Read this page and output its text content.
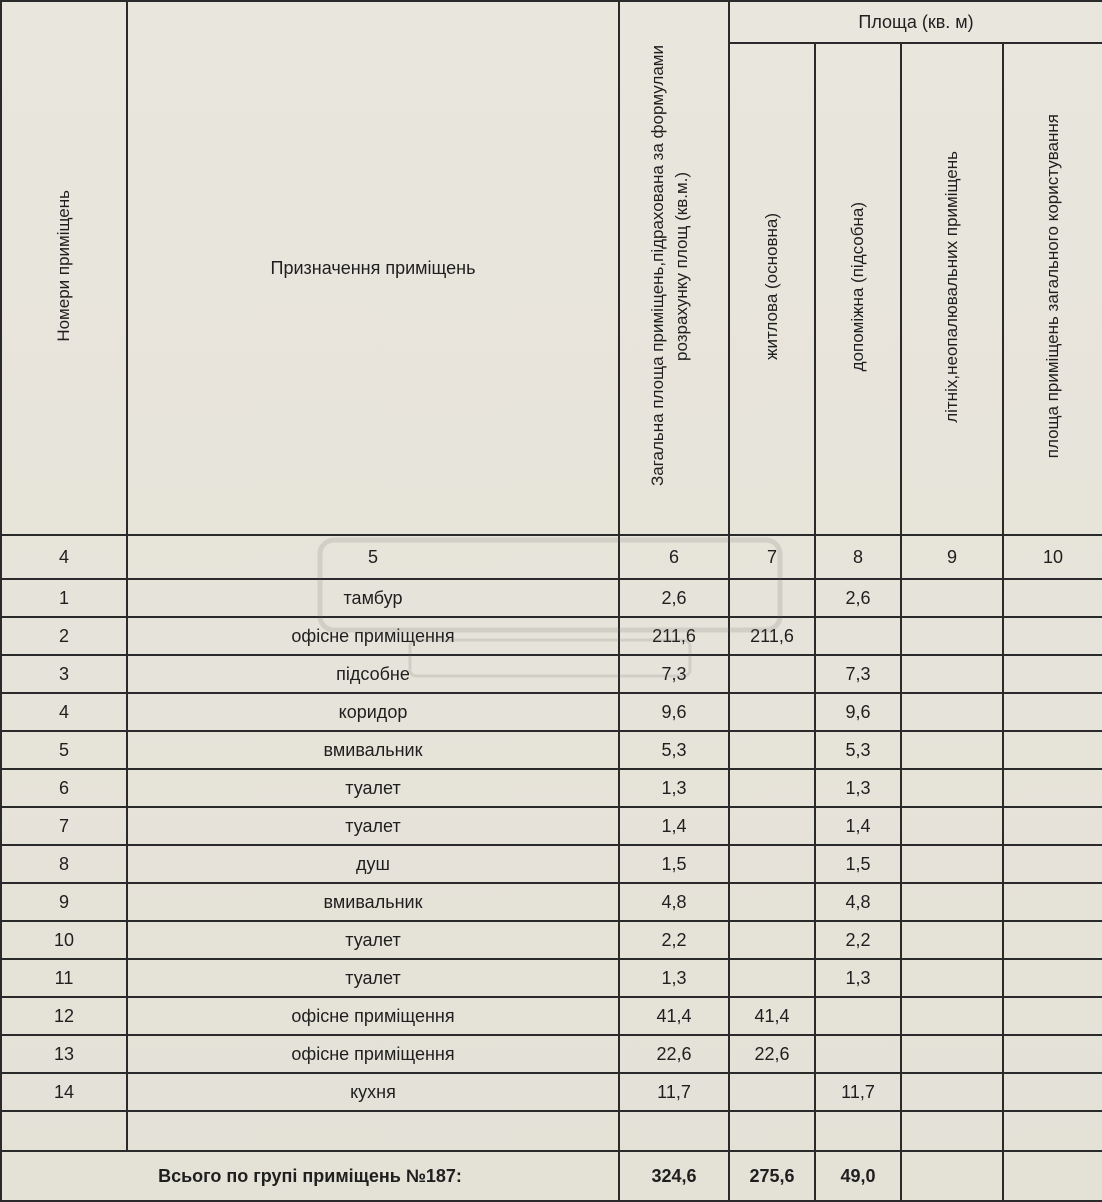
Номери приміщень	Призначення приміщень	Загальна площа приміщень,підрахована за формулами розрахунку площ (кв.м.)	Площа (кв. м)			
			житлова (основна)	допоміжна (підсобна)	літніх,неопалювальних приміщень	площа приміщень загального користування
4	5	6	7	8	9	10
1	тамбур	2,6		2,6		
2	офісне приміщення	211,6	211,6			
3	підсобне	7,3		7,3		
4	коридор	9,6		9,6		
5	вмивальник	5,3		5,3		
6	туалет	1,3		1,3		
7	туалет	1,4		1,4		
8	душ	1,5		1,5		
9	вмивальник	4,8		4,8		
10	туалет	2,2		2,2		
11	туалет	1,3		1,3		
12	офісне приміщення	41,4	41,4			
13	офісне приміщення	22,6	22,6			
14	кухня	11,7		11,7		

Всього по групі приміщень №187:		324,6	275,6	49,0		
